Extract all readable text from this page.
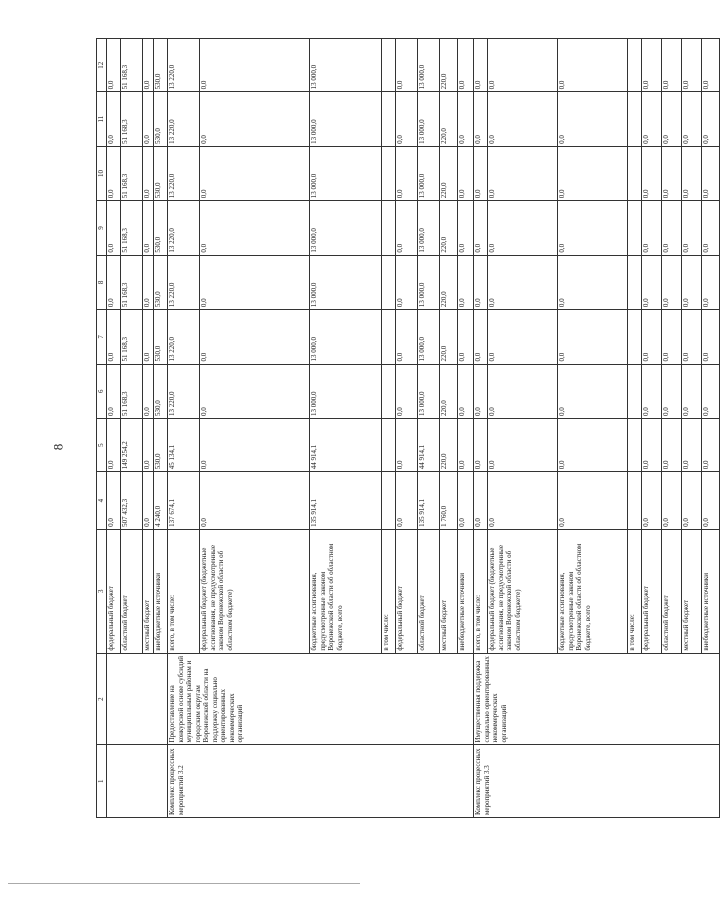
8
1	2	3	4	5	6	7	8	9	10	11	12
		федеральный бюджет	0,0	0,0	0,0	0,0	0,0	0,0	0,0	0,0	0,0
		областной бюджет	507 432,3	149 254,2	51 168,3	51 168,3	51 168,3	51 168,3	51 168,3	51 168,3	51 168,3
		местный бюджет	0,0	0,0	0,0	0,0	0,0	0,0	0,0	0,0	0,0
		внебюджетные источники	4 240,0	530,0	530,0	530,0	530,0	530,0	530,0	530,0	530,0
Комплекс процессных мероприятий 3.2	Предоставление на конкурсной основе субсидий муниципальным районам и городским округам Воронежской области на поддержку социально ориентированных некоммерческих организаций	всего, в том числе:	137 674,1	45 134,1	13 220,0	13 220,0	13 220,0	13 220,0	13 220,0	13 220,0	13 220,0
		федеральный бюджет (бюджетные ассигнования, не предусмотренные законом Воронежской области об областном бюджете)	0,0	0,0	0,0	0,0	0,0	0,0	0,0	0,0	0,0
		бюджетные ассигнования, предусмотренные законом Воронежской области об областном бюджете, всего	135 914,1	44 914,1	13 000,0	13 000,0	13 000,0	13 000,0	13 000,0	13 000,0	13 000,0
		в том числе:									
		федеральный бюджет	0,0	0,0	0,0	0,0	0,0	0,0	0,0	0,0	0,0
		областной бюджет	135 914,1	44 914,1	13 000,0	13 000,0	13 000,0	13 000,0	13 000,0	13 000,0	13 000,0
		местный бюджет	1 760,0	220,0	220,0	220,0	220,0	220,0	220,0	220,0	220,0
		внебюджетные источники	0,0	0,0	0,0	0,0	0,0	0,0	0,0	0,0	0,0
Комплекс процессных мероприятий 3.3	Имущественная поддержка социально ориентированных некоммерческих организаций	всего, в том числе:	0,0	0,0	0,0	0,0	0,0	0,0	0,0	0,0	0,0
		федеральный бюджет (бюджетные ассигнования, не предусмотренные законом Воронежской области об областном бюджете)	0,0	0,0	0,0	0,0	0,0	0,0	0,0	0,0	0,0
		бюджетные ассигнования, предусмотренные законом Воронежской области об областном бюджете, всего	0,0	0,0	0,0	0,0	0,0	0,0	0,0	0,0	0,0
		в том числе:									
		федеральный бюджет	0,0	0,0	0,0	0,0	0,0	0,0	0,0	0,0	0,0
		областной бюджет	0,0	0,0	0,0	0,0	0,0	0,0	0,0	0,0	0,0
		местный бюджет	0,0	0,0	0,0	0,0	0,0	0,0	0,0	0,0	0,0
		внебюджетные источники	0,0	0,0	0,0	0,0	0,0	0,0	0,0	0,0	0,0
